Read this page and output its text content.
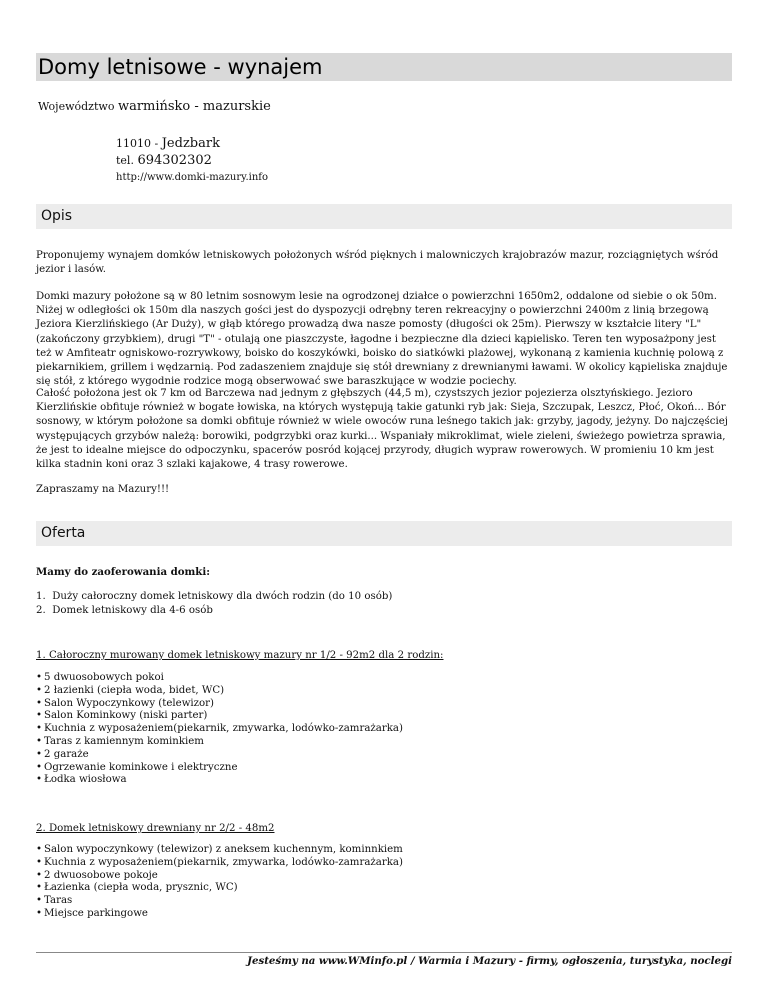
Domy letnisowe - wynajem
Województwo warmińsko - mazurskie
11010 - Jedzbark
tel. 694302302
http://www.domki-mazury.info
Opis

Proponujemy wynajem domków letniskowych położonych wśród pięknych i malowniczych krajobrazów mazur, rozciągniętych wśród jezior i lasów.

Domki mazury położone są w 80 letnim sosnowym lesie na ogrodzonej działce o powierzchni 1650m2, oddalone od siebie o ok 50m. Niżej w odległości ok 150m dla naszych gości jest do dyspozycji odrębny teren rekreacyjny o powierzchni 2400m z linią brzegową Jeziora Kierzlińskiego (Ar Duży), w głąb którego prowadzą dwa nasze pomosty (długości ok 25m). Pierwszy w kształcie litery "L" (zakończony grzybkiem), drugi "T" - otulają one piaszczyste, łagodne i bezpieczne dla dzieci kąpielisko. Teren ten wyposażpony jest też w Amfiteatr ogniskowo-rozrywkowy, boisko do koszykówki, boisko do siatkówki plażowej, wykonaną z kamienia kuchnię polową z piekarnikiem, grillem i wędzarnią. Pod zadaszeniem znajduje się stół drewniany z drewnianymi ławami. W okolicy kąpieliska znajduje się stół, z którego wygodnie rodzice mogą obserwować swe baraszkujące w wodzie pociechy.

Całość położona jest ok 7 km od Barczewa nad jednym z głębszych (44,5 m), czystszych jezior pojezierza olsztyńskiego. Jezioro Kierzlińskie obfituje również w bogate łowiska, na których występują takie gatunki ryb jak: Sieja, Szczupak, Leszcz, Płoć, Okoń... Bór sosnowy, w którym położone sa domki obfituje również w wiele owoców runa leśnego takich jak: grzyby, jagody, jeżyny. Do najczęściej występujących grzybów należą: borowiki, podgrzybki oraz kurki... Wspaniały mikroklimat, wiele zieleni, świeżego powietrza sprawia, że jest to idealne miejsce do odpoczynku, spacerów posród kojącej przyrody, długich wypraw rowerowych. W promieniu 10 km jest kilka stadnin koni oraz 3 szlaki kajakowe, 4 trasy rowerowe.

Zapraszamy na Mazury!!!

Oferta
Mamy do zaoferowania domki:
1. Duży całoroczny domek letniskowy dla dwóch rodzin (do 10 osób)
2. Domek letniskowy dla 4-6 osób
1. Całoroczny murowany domek letniskowy mazury nr 1/2 - 92m2 dla 2 rodzin:
• 5 dwuosobowych pokoi
• 2 łazienki (ciepła woda, bidet, WC)
• Salon Wypoczynkowy (telewizor)
• Salon Kominkowy (niski parter)
• Kuchnia z wyposażeniem(piekarnik, zmywarka, lodówko-zamrażarka)
• Taras z kamiennym kominkiem
• 2 garaże
• Ogrzewanie kominkowe i elektryczne
• Łodka wiosłowa
2. Domek letniskowy drewniany nr 2/2 - 48m2
• Salon wypoczynkowy (telewizor) z aneksem kuchennym, kominnkiem
• Kuchnia z wyposażeniem(piekarnik, zmywarka, lodówko-zamrażarka)
• 2 dwuosobowe pokoje
• Łazienka (ciepła woda, prysznic, WC)
• Taras
• Miejsce parkingowe
Jesteśmy na www.WMinfo.pl / Warmia i Mazury - firmy, ogłoszenia, turystyka, noclegi
